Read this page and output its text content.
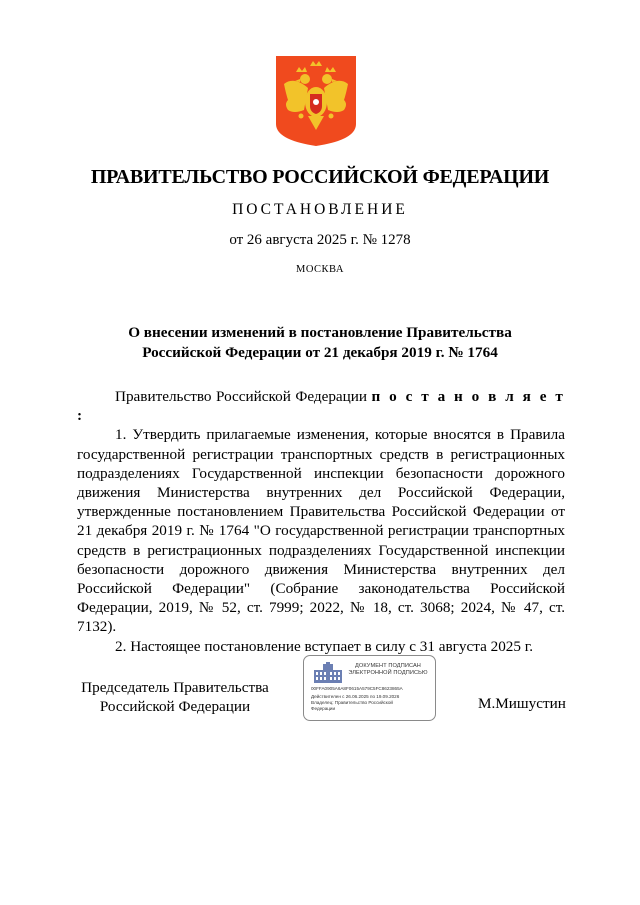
ПРАВИТЕЛЬСТВО РОССИЙСКОЙ ФЕДЕРАЦИИ
ПОСТАНОВЛЕНИЕ
от 26 августа 2025 г. № 1278
МОСКВА
О внесении изменений в постановление Правительства
Российской Федерации от 21 декабря 2019 г. № 1764

Правительство Российской Федерации п о с т а н о в л я е т :

1. Утвердить прилагаемые изменения, которые вносятся в Правила государственной регистрации транспортных средств в регистрационных подразделениях Государственной инспекции безопасности дорожного движения Министерства внутренних дел Российской Федерации, утвержденные постановлением Правительства Российской Федерации от 21 декабря 2019 г. № 1764 "О государственной регистрации транспортных средств в регистрационных подразделениях Государственной инспекции безопасности дорожного движения Министерства внутренних дел Российской Федерации" (Собрание законодательства Российской Федерации, 2019, № 52, ст. 7999; 2022, № 18, ст. 3068; 2024, № 47, ст. 7132).

2. Настоящее постановление вступает в силу с 31 августа 2025 г.

Председатель Правительства
Российской Федерации
ДОКУМЕНТ ПОДПИСАН
ЭЛЕКТРОННОЙ ПОДПИСЬЮ
00FFA0905A6A8F0615A579C5FC8623865A
Действителен с 26.06.2025 по 19.09.2026
Владелец: Правительство Российской
Федерации	М.Мишустин
